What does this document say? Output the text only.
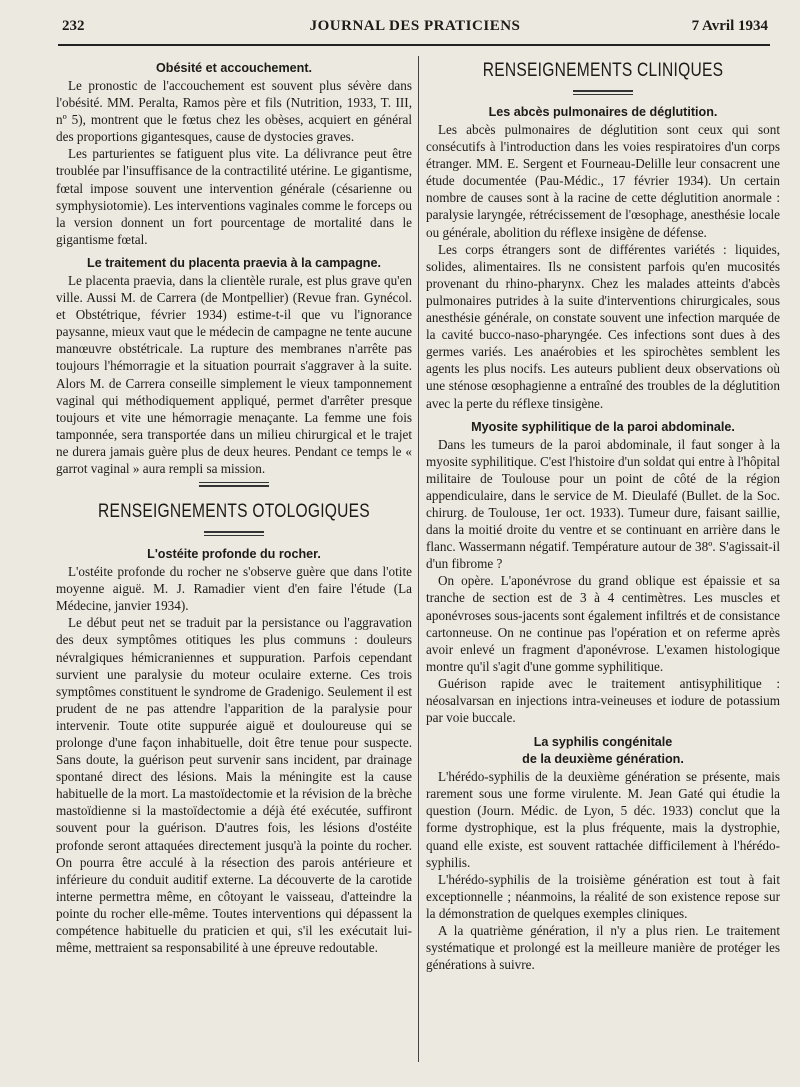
232	JOURNAL DES PRATICIENS	7 Avril 1934

Obésité et accouchement.

Le pronostic de l'accouchement est souvent plus sévère dans l'obésité. MM. Peralta, Ramos père et fils (Nutrition, 1933, T. III, nº 5), montrent que le fœtus chez les obèses, acquiert en général des proportions gigantesques, cause de dystocies graves.

Les parturientes se fatiguent plus vite. La délivrance peut être troublée par l'insuffisance de la contractilité utérine. Le gigantisme, fœtal impose souvent une intervention générale (césarienne ou symphysiotomie). Les interventions vaginales comme le forceps ou la version donnent un fort pourcentage de mortalité dans le gigantisme fœtal.

Le traitement du placenta praevia à la campagne.

Le placenta praevia, dans la clientèle rurale, est plus grave qu'en ville. Aussi M. de Carrera (de Montpellier) (Revue fran. Gynécol. et Obstétrique, février 1934) estime-t-il que vu l'ignorance paysanne, mieux vaut que le médecin de campagne ne tente aucune manœuvre obstétricale. La rupture des membranes n'arrête pas toujours l'hémorragie et la situation pourrait s'aggraver à la suite. Alors M. de Carrera conseille simplement le vieux tamponnement vaginal qui méthodiquement appliqué, permet d'arrêter presque toujours et vite une hémorragie menaçante. La femme une fois tamponnée, sera transportée dans un milieu chirurgical et le trajet ne durera jamais guère plus de deux heures. Pendant ce temps le « garrot vaginal » aura rempli sa mission.

RENSEIGNEMENTS OTOLOGIQUES

L'ostéite profonde du rocher.

L'ostéite profonde du rocher ne s'observe guère que dans l'otite moyenne aiguë. M. J. Ramadier vient d'en faire l'étude (La Médecine, janvier 1934).

Le début peut net se traduit par la persistance ou l'aggravation des deux symptômes otitiques les plus communs : douleurs névralgiques hémicraniennes et suppuration. Parfois cependant survient une paralysie du moteur oculaire externe. Ces trois symptômes constituent le syndrome de Gradenigo. Seulement il est prudent de ne pas attendre l'apparition de la paralysie pour intervenir. Toute otite suppurée aiguë et douloureuse qui se prolonge d'une façon inhabituelle, doit être tenue pour suspecte. Sans doute, la guérison peut survenir sans incident, par drainage spontané direct des lésions. Mais la méningite est la cause habituelle de la mort. La mastoïdectomie et la révision de la brèche mastoïdienne si la mastoïdectomie a déjà été exécutée, suffiront souvent pour la guérison. D'autres fois, les lésions d'ostéite profonde seront attaquées directement jusqu'à la pointe du rocher. On pourra être acculé à la résection des parois antérieure et inférieure du conduit auditif externe. La découverte de la carotide interne permettra même, en côtoyant le vaisseau, d'atteindre la pointe du rocher elle-même. Toutes interventions qui dépassent la compétence habituelle du praticien et qui, s'il les exécutait lui-même, mettraient sa responsabilité à une épreuve redoutable.

RENSEIGNEMENTS CLINIQUES

Les abcès pulmonaires de déglutition.

Les abcès pulmonaires de déglutition sont ceux qui sont consécutifs à l'introduction dans les voies respiratoires d'un corps étranger. MM. E. Sergent et Fourneau-Delille leur consacrent une étude documentée (Pau-Médic., 17 février 1934). Un certain nombre de causes sont à la racine de cette déglutition anormale : paralysie laryngée, rétrécissement de l'œsophage, anesthésie locale ou générale, abolition du réflexe insigène de défense.

Les corps étrangers sont de différentes variétés : liquides, solides, alimentaires. Ils ne consistent parfois qu'en mucosités provenant du rhino-pharynx. Chez les malades atteints d'abcès pulmonaires putrides à la suite d'interventions chirurgicales, sous anesthésie générale, on constate souvent une infection marquée de la cavité bucco-naso-pharyngée. Ces infections sont dues à des germes variés. Les anaérobies et les spirochètes semblent les agents les plus nocifs. Les auteurs publient deux observations où une sténose œsophagienne a entraîné des troubles de la déglutition avec la perte du réflexe tinsigène.

Myosite syphilitique de la paroi abdominale.

Dans les tumeurs de la paroi abdominale, il faut songer à la myosite syphilitique. C'est l'histoire d'un soldat qui entre à l'hôpital militaire de Toulouse pour un point de côté de la région appendiculaire, dans le service de M. Dieulafé (Bullet. de la Soc. chirurg. de Toulouse, 1er oct. 1933). Tumeur dure, faisant saillie, dans la moitié droite du ventre et se continuant en arrière dans le flanc. Wassermann négatif. Température autour de 38º. S'agissait-il d'un fibrome ?

On opère. L'aponévrose du grand oblique est épaissie et sa tranche de section est de 3 à 4 centimètres. Les muscles et aponévroses sous-jacents sont également infiltrés et de consistance cartonneuse. On ne continue pas l'opération et on referme après avoir enlevé un fragment d'aponévrose. L'examen histologique montre qu'il s'agit d'une gomme syphilitique.

Guérison rapide avec le traitement antisyphilitique : néosalvarsan en injections intra-veineuses et iodure de potassium par voie buccale.

La syphilis congénitale

de la deuxième génération.

L'hérédo-syphilis de la deuxième génération se présente, mais rarement sous une forme virulente. M. Jean Gaté qui étudie la question (Journ. Médic. de Lyon, 5 déc. 1933) conclut que la forme dystrophique, est la plus fréquente, mais la dystrophie, quand elle existe, est souvent rattachée difficilement à l'hérédo-syphilis.

L'hérédo-syphilis de la troisième génération est tout à fait exceptionnelle ; néanmoins, la réalité de son existence repose sur la démonstration de quelques exemples cliniques.

A la quatrième génération, il n'y a plus rien. Le traitement systématique et prolongé est la meilleure manière de protéger les générations à suivre.
